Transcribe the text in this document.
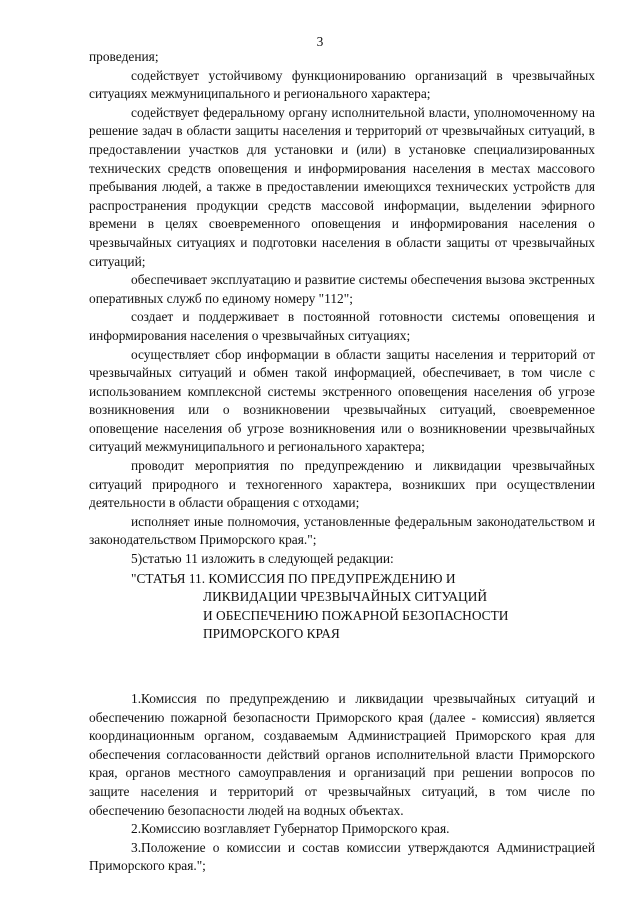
3

проведения;

содействует устойчивому функционированию организаций в чрезвычайных ситуациях межмуниципального и регионального характера;

содействует федеральному органу исполнительной власти, уполномоченному на решение задач в области защиты населения и территорий от чрезвычайных ситуаций, в предоставлении участков для установки и (или) в установке специализированных технических средств оповещения и информирования населения в местах массового пребывания людей, а также в предоставлении имеющихся технических устройств для распространения продукции средств массовой информации, выделении эфирного времени в целях своевременного оповещения и информирования населения о чрезвычайных ситуациях и подготовки населения в области защиты от чрезвычайных ситуаций;

обеспечивает эксплуатацию и развитие системы обеспечения вызова экстренных оперативных служб по единому номеру "112";

создает и поддерживает в постоянной готовности системы оповещения и информирования населения о чрезвычайных ситуациях;

осуществляет сбор информации в области защиты населения и территорий от чрезвычайных ситуаций и обмен такой информацией, обеспечивает, в том числе с использованием комплексной системы экстренного оповещения населения об угрозе возникновения или о возникновении чрезвычайных ситуаций, своевременное оповещение населения об угрозе возникновения или о возникновении чрезвычайных ситуаций межмуниципального и регионального характера;

проводит мероприятия по предупреждению и ликвидации чрезвычайных ситуаций природного и техногенного характера, возникших при осуществлении деятельности в области обращения с отходами;

исполняет иные полномочия, установленные федеральным законодательством и законодательством Приморского края.";

5)статью 11 изложить в следующей редакции:

"СТАТЬЯ 11. КОМИССИЯ ПО ПРЕДУПРЕЖДЕНИЮ И
ЛИКВИДАЦИИ ЧРЕЗВЫЧАЙНЫХ СИТУАЦИЙ
И ОБЕСПЕЧЕНИЮ ПОЖАРНОЙ БЕЗОПАСНОСТИ
ПРИМОРСКОГО КРАЯ

1.Комиссия по предупреждению и ликвидации чрезвычайных ситуаций и обеспечению пожарной безопасности Приморского края (далее - комиссия) является координационным органом, создаваемым Администрацией Приморского края для обеспечения согласованности действий органов исполнительной власти Приморского края, органов местного самоуправления и организаций при решении вопросов по защите населения и территорий от чрезвычайных ситуаций, в том числе по обеспечению безопасности людей на водных объектах.

2.Комиссию возглавляет Губернатор Приморского края.

3.Положение о комиссии и состав комиссии утверждаются Администрацией Приморского края.";
